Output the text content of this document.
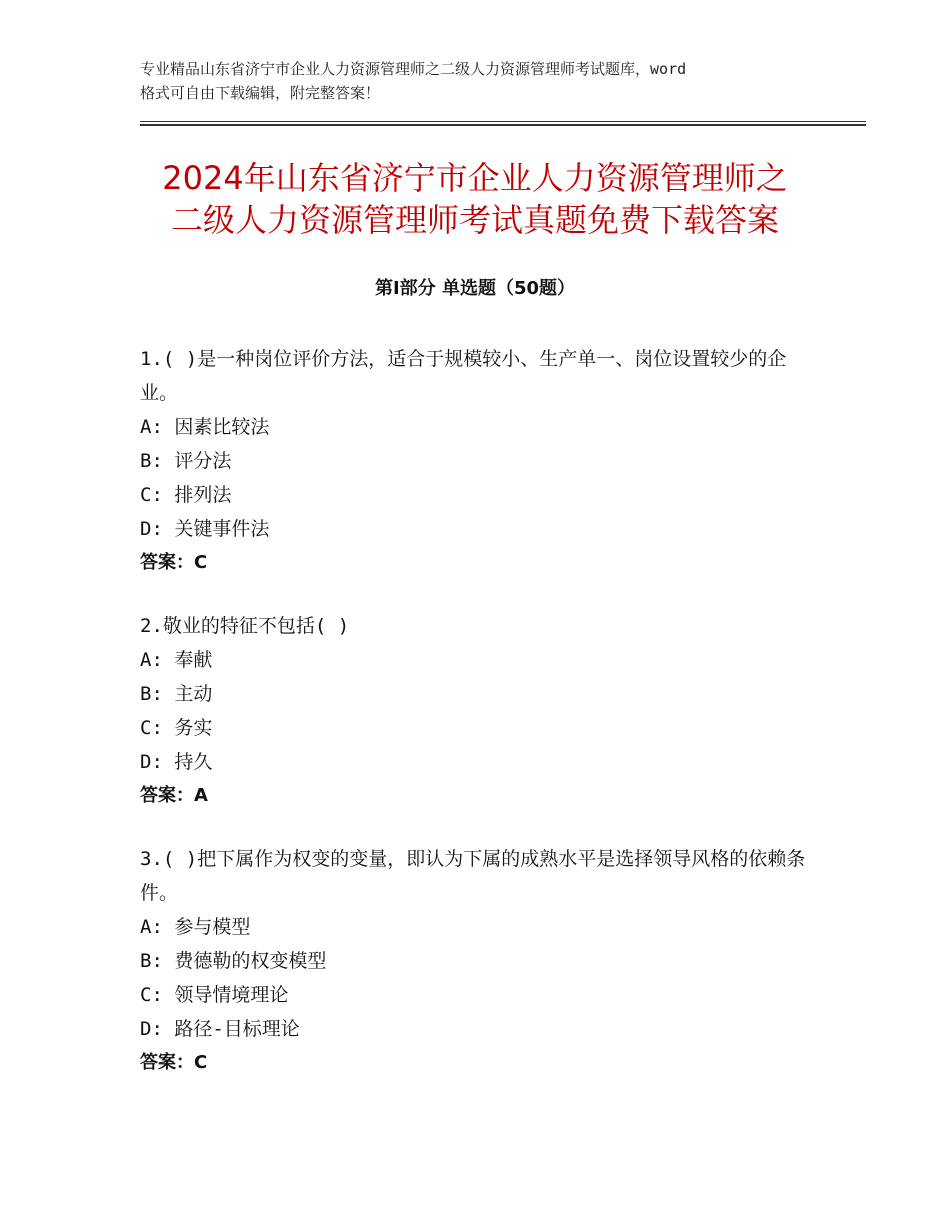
专业精品山东省济宁市企业人力资源管理师之二级人力资源管理师考试题库，word
格式可自由下载编辑，附完整答案！
2024年山东省济宁市企业人力资源管理师之
二级人力资源管理师考试真题免费下载答案
第Ⅰ部分 单选题（50题）

1.( )是一种岗位评价方法，适合于规模较小、生产单一、岗位设置较少的企业。

A: 因素比较法

B: 评分法

C: 排列法

D: 关键事件法

答案：C

2.敬业的特征不包括( )

A: 奉献

B: 主动

C: 务实

D: 持久

答案：A

3.( )把下属作为权变的变量，即认为下属的成熟水平是选择领导风格的依赖条件。

A: 参与模型

B: 费德勒的权变模型

C: 领导情境理论

D: 路径-目标理论

答案：C
